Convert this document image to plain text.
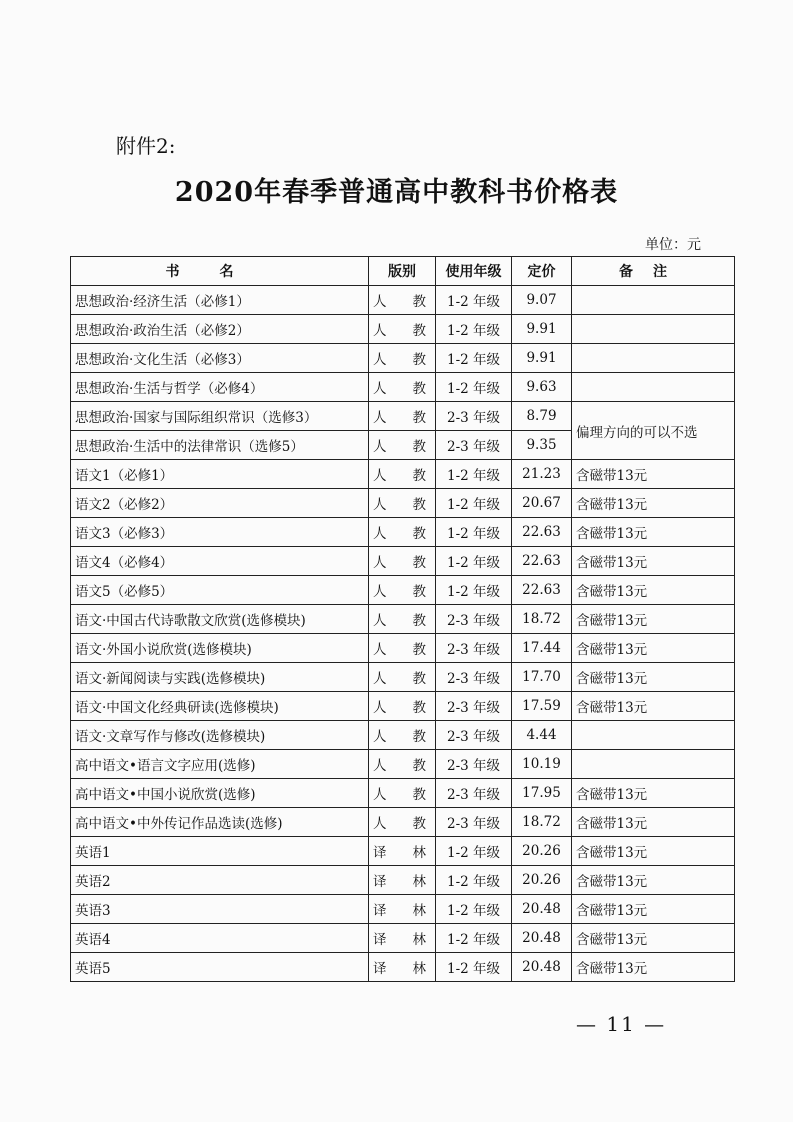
附件2:
2020年春季普通高中教科书价格表
单位：元
书名	版别	使用年级	定价	备注
思想政治·经济生活（必修1）	人教	1-2 年级	9.07	
思想政治·政治生活（必修2）	人教	1-2 年级	9.91	
思想政治·文化生活（必修3）	人教	1-2 年级	9.91	
思想政治·生活与哲学（必修4）	人教	1-2 年级	9.63	
思想政治·国家与国际组织常识（选修3）	人教	2-3 年级	8.79	偏理方向的可以不选
思想政治·生活中的法律常识（选修5）	人教	2-3 年级	9.35	
语文1（必修1）	人教	1-2 年级	21.23	含磁带13元
语文2（必修2）	人教	1-2 年级	20.67	含磁带13元
语文3（必修3）	人教	1-2 年级	22.63	含磁带13元
语文4（必修4）	人教	1-2 年级	22.63	含磁带13元
语文5（必修5）	人教	1-2 年级	22.63	含磁带13元
语文·中国古代诗歌散文欣赏(选修模块)	人教	2-3 年级	18.72	含磁带13元
语文·外国小说欣赏(选修模块)	人教	2-3 年级	17.44	含磁带13元
语文·新闻阅读与实践(选修模块)	人教	2-3 年级	17.70	含磁带13元
语文·中国文化经典研读(选修模块)	人教	2-3 年级	17.59	含磁带13元
语文·文章写作与修改(选修模块)	人教	2-3 年级	4.44	
高中语文•语言文字应用(选修)	人教	2-3 年级	10.19	
高中语文•中国小说欣赏(选修)	人教	2-3 年级	17.95	含磁带13元
高中语文•中外传记作品选读(选修)	人教	2-3 年级	18.72	含磁带13元
英语1	译林	1-2 年级	20.26	含磁带13元
英语2	译林	1-2 年级	20.26	含磁带13元
英语3	译林	1-2 年级	20.48	含磁带13元
英语4	译林	1-2 年级	20.48	含磁带13元
英语5	译林	1-2 年级	20.48	含磁带13元
— 11 —
